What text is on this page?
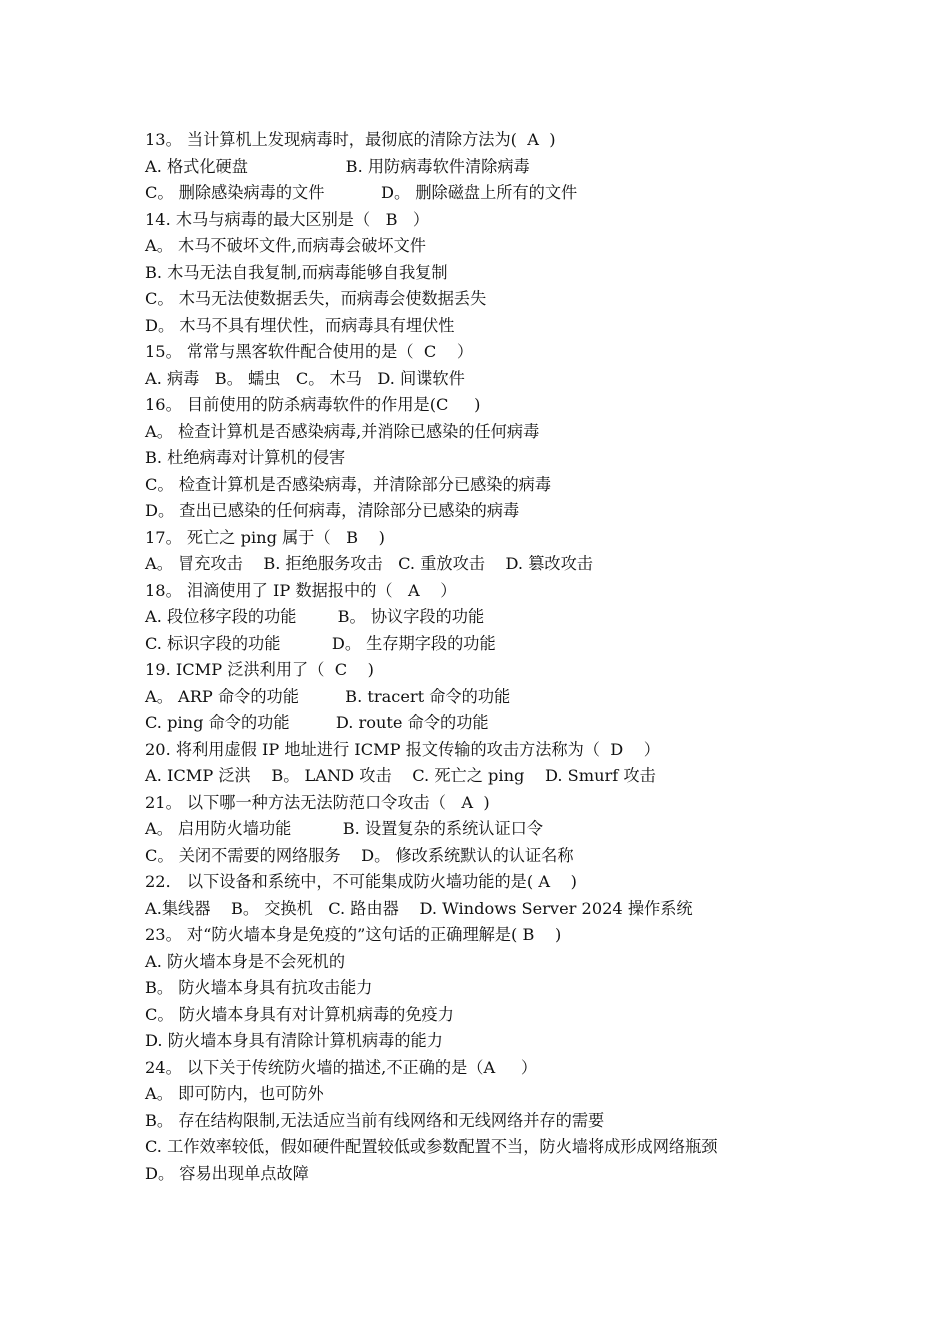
13。 当计算机上发现病毒时，最彻底的清除方法为(  A  )
A. 格式化硬盘                   B. 用防病毒软件清除病毒
C。 删除感染病毒的文件           D。 删除磁盘上所有的文件
14. 木马与病毒的最大区别是（   B   ）
A。 木马不破坏文件,而病毒会破坏文件
B. 木马无法自我复制,而病毒能够自我复制
C。 木马无法使数据丢失，而病毒会使数据丢失
D。 木马不具有埋伏性，而病毒具有埋伏性
15。 常常与黑客软件配合使用的是（  C    ）
A. 病毒   B。 蠕虫   C。 木马   D. 间谍软件
16。 目前使用的防杀病毒软件的作用是(C     )
A。 检查计算机是否感染病毒,并消除已感染的任何病毒
B. 杜绝病毒对计算机的侵害
C。 检查计算机是否感染病毒，并清除部分已感染的病毒
D。 查出已感染的任何病毒，清除部分已感染的病毒
17。 死亡之 ping 属于（   B    )
A。 冒充攻击    B. 拒绝服务攻击   C. 重放攻击    D. 篡改攻击
18。 泪滴使用了 IP 数据报中的（   A    ）
A. 段位移字段的功能        B。 协议字段的功能
C. 标识字段的功能          D。 生存期字段的功能
19. ICMP 泛洪利用了（  C    )
A。 ARP 命令的功能         B. tracert 命令的功能
C. ping 命令的功能         D. route 命令的功能
20. 将利用虚假 IP 地址进行 ICMP 报文传输的攻击方法称为（  D    ）
A. ICMP 泛洪    B。 LAND 攻击    C. 死亡之 ping    D. Smurf 攻击
21。 以下哪一种方法无法防范口令攻击（   A  )
A。 启用防火墙功能          B. 设置复杂的系统认证口令
C。 关闭不需要的网络服务    D。 修改系统默认的认证名称
22． 以下设备和系统中，不可能集成防火墙功能的是( A    )
A.集线器    B。 交换机   C. 路由器    D. Windows Server 2024 操作系统
23。 对“防火墙本身是免疫的”这句话的正确理解是( B    )
A. 防火墙本身是不会死机的
B。 防火墙本身具有抗攻击能力
C。 防火墙本身具有对计算机病毒的免疫力
D. 防火墙本身具有清除计算机病毒的能力
24。 以下关于传统防火墙的描述,不正确的是（A     ）
A。 即可防内，也可防外
B。 存在结构限制,无法适应当前有线网络和无线网络并存的需要
C. 工作效率较低，假如硬件配置较低或参数配置不当，防火墙将成形成网络瓶颈
D。 容易出现单点故障
